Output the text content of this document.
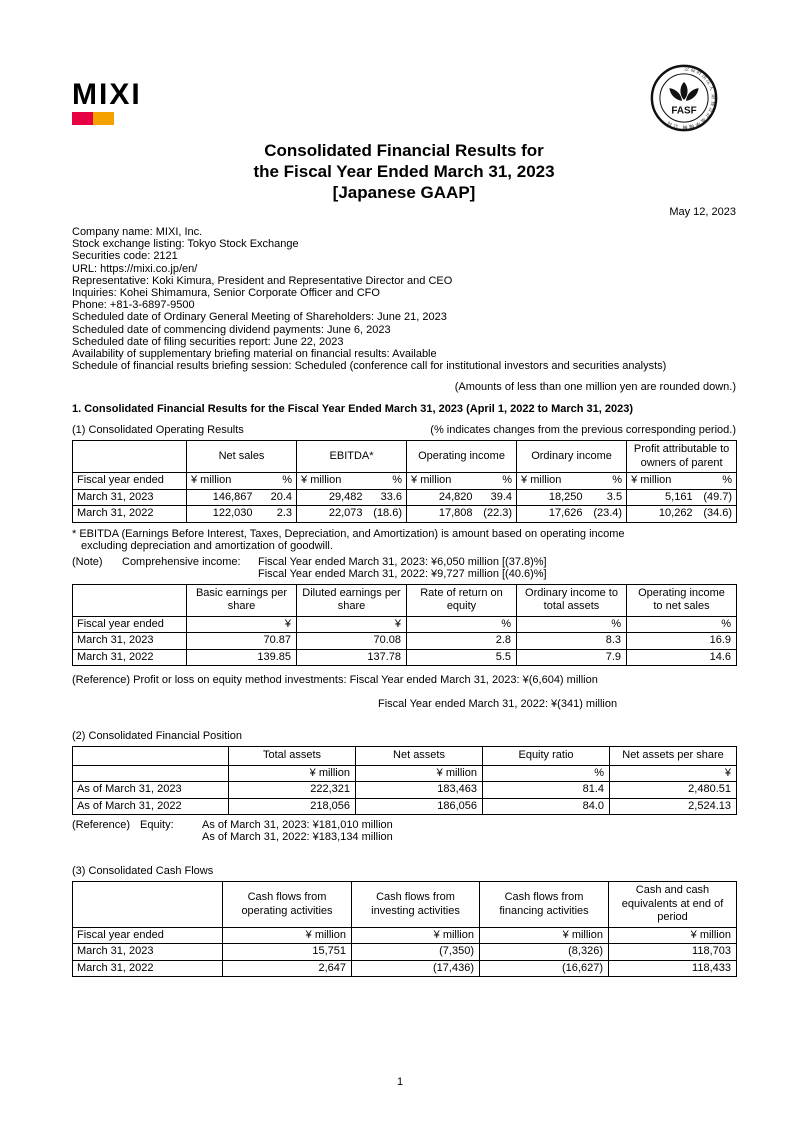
MIXI
公益財団法人 財務会計基準機構 会員
FASF
Consolidated Financial Results for
the Fiscal Year Ended March 31, 2023
[Japanese GAAP]
May 12, 2023
Company name: MIXI, Inc.
Stock exchange listing: Tokyo Stock Exchange
Securities code: 2121
URL: https://mixi.co.jp/en/
Representative: Koki Kimura, President and Representative Director and CEO
Inquiries: Kohei Shimamura, Senior Corporate Officer and CFO
Phone: +81-3-6897-9500
Scheduled date of Ordinary General Meeting of Shareholders: June 21, 2023
Scheduled date of commencing dividend payments: June 6, 2023
Scheduled date of filing securities report: June 22, 2023
Availability of supplementary briefing material on financial results: Available
Schedule of financial results briefing session: Scheduled (conference call for institutional investors and securities analysts)
(Amounts of less than one million yen are rounded down.)
1. Consolidated Financial Results for the Fiscal Year Ended March 31, 2023 (April 1, 2022 to March 31, 2023)
(1) Consolidated Operating Results	(% indicates changes from the previous corresponding period.)
	Net sales		EBITDA*		Operating income		Ordinary income		Profit attributable to owners of parent	
Fiscal year ended	¥ million	%	¥ million	%	¥ million	%	¥ million	%	¥ million	%
March 31, 2023	146,867	20.4	29,482	33.6	24,820	39.4	18,250	3.5	5,161	(49.7)
March 31, 2022	122,030	2.3	22,073	(18.6)	17,808	(22.3)	17,626	(23.4)	10,262	(34.6)
* EBITDA (Earnings Before Interest, Taxes, Depreciation, and Amortization) is amount based on operating income
excluding depreciation and amortization of goodwill.
(Note) Comprehensive income: Fiscal Year ended March 31, 2023: ¥6,050 million [(37.8)%]
Fiscal Year ended March 31, 2022: ¥9,727 million [(40.6)%]
	Basic earnings per share	Diluted earnings per share	Rate of return on equity	Ordinary income to total assets	Operating income to net sales
Fiscal year ended	¥	¥	%	%	%
March 31, 2023	70.87	70.08	2.8	8.3	16.9
March 31, 2022	139.85	137.78	5.5	7.9	14.6
(Reference) Profit or loss on equity method investments: Fiscal Year ended March 31, 2023: ¥(6,604) million
Fiscal Year ended March 31, 2022: ¥(341) million
(2) Consolidated Financial Position
	Total assets	Net assets	Equity ratio	Net assets per share
	¥ million	¥ million	%	¥
As of March 31, 2023	222,321	183,463	81.4	2,480.51
As of March 31, 2022	218,056	186,056	84.0	2,524.13
(Reference) Equity:	As of March 31, 2023: ¥181,010 million
As of March 31, 2022: ¥183,134 million
(3) Consolidated Cash Flows
	Cash flows from operating activities	Cash flows from investing activities	Cash flows from financing activities	Cash and cash equivalents at end of period
Fiscal year ended	¥ million	¥ million	¥ million	¥ million
March 31, 2023	15,751	(7,350)	(8,326)	118,703
March 31, 2022	2,647	(17,436)	(16,627)	118,433
1
